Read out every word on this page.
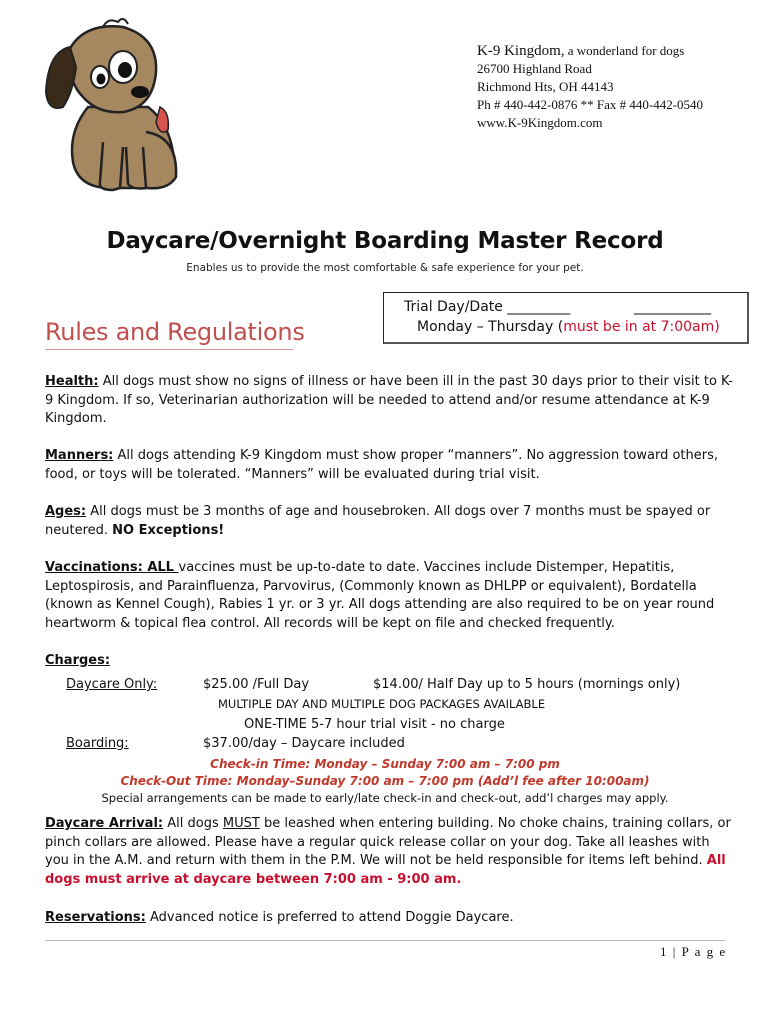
K-9 Kingdom, a wonderland for dogs
26700 Highland Road
Richmond Hts, OH 44143
Ph # 440-442-0876 ** Fax # 440-442-0540
www.K-9Kingdom.com
Daycare/Overnight Boarding Master Record
Enables us to provide the most comfortable & safe experience for your pet.
Trial Day/Date _________	___________
Monday – Thursday (must be in at 7:00am)
Rules and Regulations
Health: All dogs must show no signs of illness or have been ill in the past 30 days prior to their visit to K-9 Kingdom. If so, Veterinarian authorization will be needed to attend and/or resume attendance at K-9 Kingdom.
Manners: All dogs attending K-9 Kingdom must show proper “manners”. No aggression toward others, food, or toys will be tolerated. “Manners” will be evaluated during trial visit.
Ages: All dogs must be 3 months of age and housebroken. All dogs over 7 months must be spayed or neutered. NO Exceptions!
Vaccinations: ALL vaccines must be up-to-date to date. Vaccines include Distemper, Hepatitis, Leptospirosis, and Parainfluenza, Parvovirus, (Commonly known as DHLPP or equivalent), Bordatella (known as Kennel Cough), Rabies 1 yr. or 3 yr. All dogs attending are also required to be on year round heartworm & topical flea control. All records will be kept on file and checked frequently.
Charges:
Daycare Only:	$25.00 /Full Day	$14.00/ Half Day up to 5 hours (mornings only)
MULTIPLE DAY AND MULTIPLE DOG PACKAGES AVAILABLE
ONE-TIME 5-7 hour trial visit - no charge
Boarding:	$37.00/day – Daycare included
Check-in Time: Monday – Sunday 7:00 am – 7:00 pm
Check-Out Time: Monday–Sunday 7:00 am – 7:00 pm (Add’l fee after 10:00am)
Special arrangements can be made to early/late check-in and check-out, add’l charges may apply.
Daycare Arrival: All dogs MUST be leashed when entering building. No choke chains, training collars, or pinch collars are allowed. Please have a regular quick release collar on your dog. Take all leashes with you in the A.M. and return with them in the P.M. We will not be held responsible for items left behind. All dogs must arrive at daycare between 7:00 am - 9:00 am.
Reservations: Advanced notice is preferred to attend Doggie Daycare.
1 | P a g e
